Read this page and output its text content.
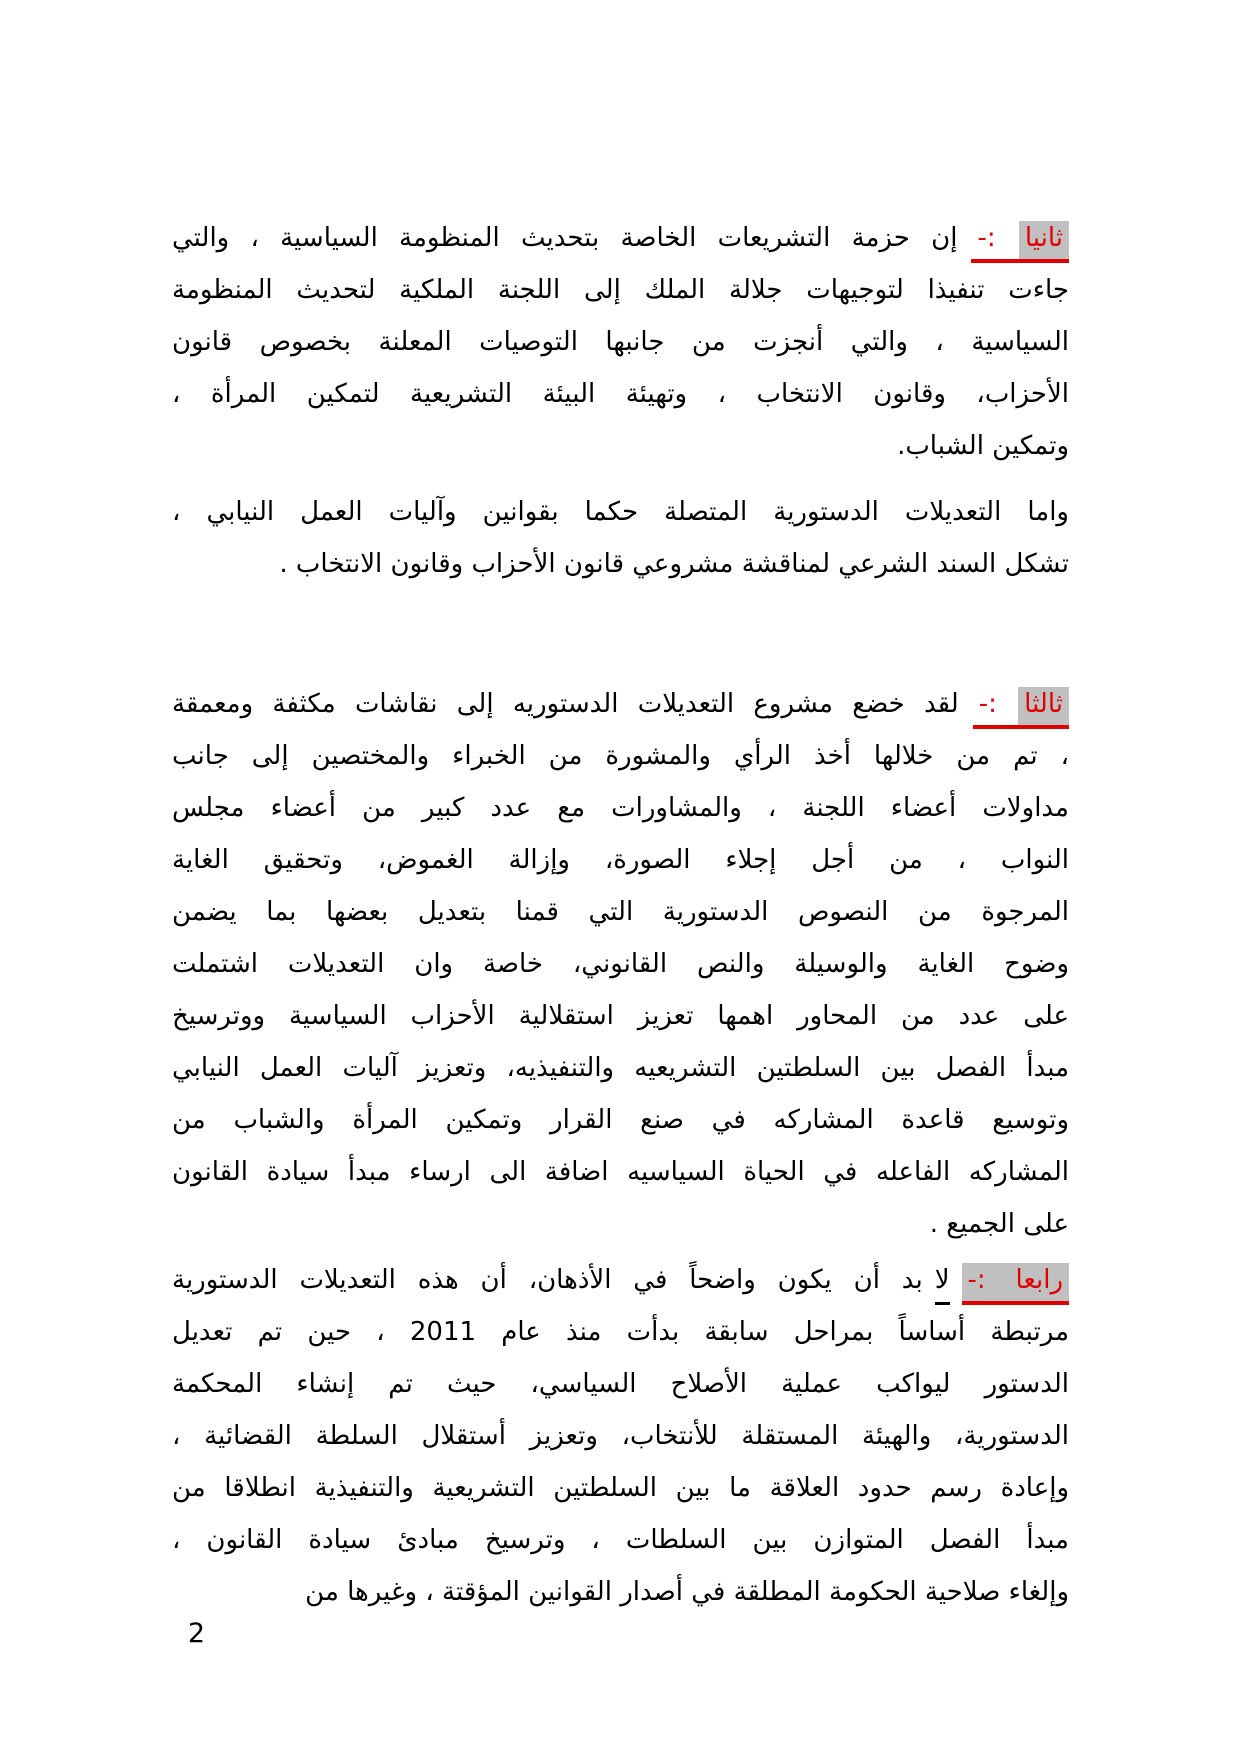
ثانيا :-إن حزمة التشريعات الخاصة بتحديث المنظومة السياسية ، والتي
جاءت تنفيذا لتوجيهات جلالة الملك إلى اللجنة الملكية لتحديث المنظومة
السياسية ، والتي أنجزت من جانبها التوصيات المعلنة بخصوص قانون
الأحزاب، وقانون الانتخاب ، وتهيئة البيئة التشريعية لتمكين المرأة ،
وتمكين الشباب.
واما التعديلات الدستورية المتصلة حكما بقوانين وآليات العمل النيابي ،
تشكل السند الشرعي لمناقشة مشروعي قانون الأحزاب وقانون الانتخاب .
ثالثا :-لقد خضع مشروع التعديلات الدستوريه إلى نقاشات مكثفة ومعمقة
، تم من خلالها أخذ الرأي والمشورة من الخبراء والمختصين إلى جانب
مداولات أعضاء اللجنة ، والمشاورات مع عدد كبير من أعضاء مجلس
النواب ، من أجل إجلاء الصورة، وإزالة الغموض، وتحقيق الغاية
المرجوة من النصوص الدستورية التي قمنا بتعديل بعضها بما يضمن
وضوح الغاية والوسيلة والنص القانوني، خاصة وان التعديلات اشتملت
على عدد من المحاور اهمها تعزيز استقلالية الأحزاب السياسية ووترسيخ
مبدأ الفصل بين السلطتين التشريعيه والتنفيذيه، وتعزيز آليات العمل النيابي
وتوسيع قاعدة المشاركه في صنع القرار وتمكين المرأة والشباب من
المشاركه الفاعله في الحياة السياسيه اضافة الى ارساء مبدأ سيادة القانون
على الجميع .
رابعا :-لابد أن يكون واضحاً في الأذهان، أن هذه التعديلات الدستورية
مرتبطة أساساً بمراحل سابقة بدأت منذ عام 2011 ، حين تم تعديل
الدستور ليواكب عملية الأصلاح السياسي، حيث تم إنشاء المحكمة
الدستورية، والهيئة المستقلة للأنتخاب، وتعزيز أستقلال السلطة القضائية ،
وإعادة رسم حدود العلاقة ما بين السلطتين التشريعية والتنفيذية انطلاقا من
مبدأ الفصل المتوازن بين السلطات ، وترسيخ مبادئ سيادة القانون ،
وإلغاء صلاحية الحكومة المطلقة في أصدار القوانين المؤقتة ، وغيرها من
2
